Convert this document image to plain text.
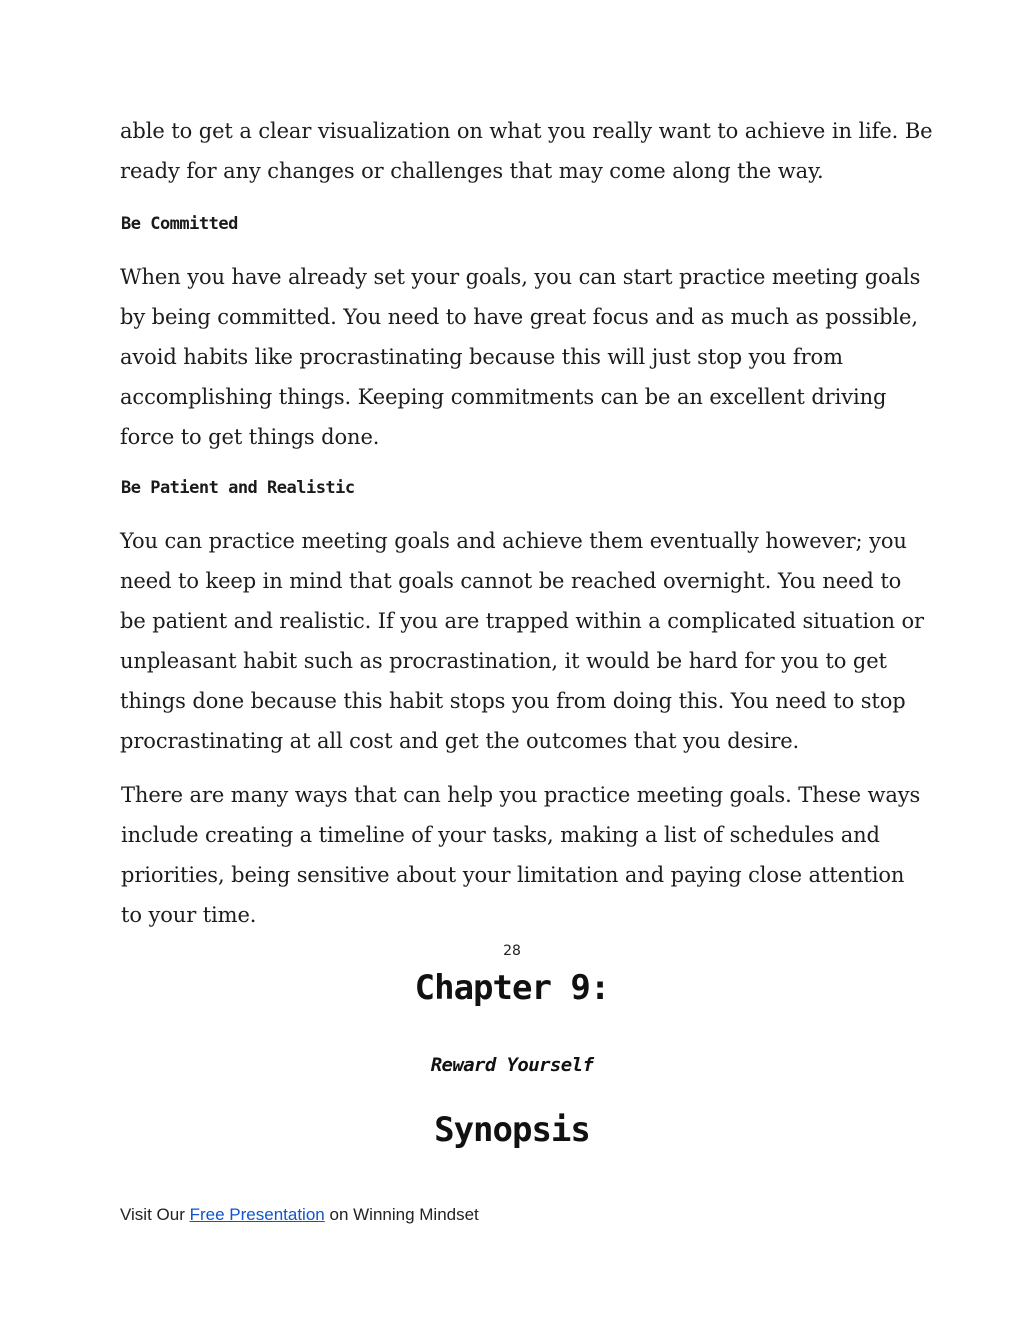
able to get a clear visualization on what you really want to achieve in life. Be
ready for any changes or challenges that may come along the way.

Be Committed

When you have already set your goals, you can start practice meeting goals
by being committed. You need to have great focus and as much as possible,
avoid habits like procrastinating because this will just stop you from
accomplishing things. Keeping commitments can be an excellent driving
force to get things done.

Be Patient and Realistic

You can practice meeting goals and achieve them eventually however; you
need to keep in mind that goals cannot be reached overnight. You need to
be patient and realistic. If you are trapped within a complicated situation or
unpleasant habit such as procrastination, it would be hard for you to get
things done because this habit stops you from doing this. You need to stop
procrastinating at all cost and get the outcomes that you desire.

There are many ways that can help you practice meeting goals. These ways
include creating a timeline of your tasks, making a list of schedules and
priorities, being sensitive about your limitation and paying close attention
to your time.

28
Chapter 9:
Reward Yourself
Synopsis
Visit Our Free Presentation on Winning Mindset
